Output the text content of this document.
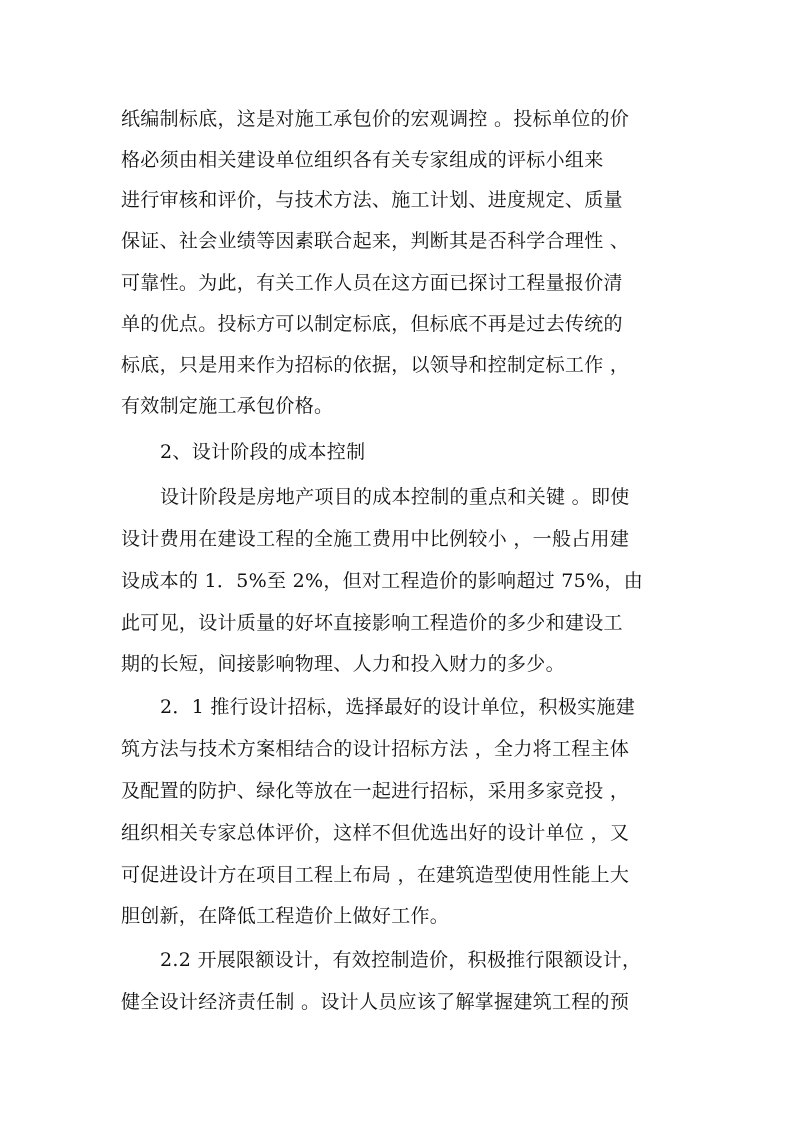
纸编制标底，这是对施工承包价的宏观调控 。投标单位的价
格必须由相关建设单位组织各有关专家组成的评标小组来
进行审核和评价，与技术方法、施工计划、进度规定、质量
保证、社会业绩等因素联合起来，判断其是否科学合理性 、
可靠性。为此，有关工作人员在这方面已探讨工程量报价清
单的优点。投标方可以制定标底，但标底不再是过去传统的
标底，只是用来作为招标的依据，以领导和控制定标工作 ，
有效制定施工承包价格。
2、设计阶段的成本控制
设计阶段是房地产项目的成本控制的重点和关键 。即使
设计费用在建设工程的全施工费用中比例较小 ，一般占用建
设成本的 1．5%至 2%，但对工程造价的影响超过 75%，由
此可见，设计质量的好坏直接影响工程造价的多少和建设工
期的长短，间接影响物理、人力和投入财力的多少。
2．1 推行设计招标，选择最好的设计单位，积极实施建
筑方法与技术方案相结合的设计招标方法 ，全力将工程主体
及配置的防护、绿化等放在一起进行招标，采用多家竞投 ，
组织相关专家总体评价，这样不但优选出好的设计单位 ，又
可促进设计方在项目工程上布局 ，在建筑造型使用性能上大
胆创新，在降低工程造价上做好工作。
2.2 开展限额设计，有效控制造价，积极推行限额设计，
健全设计经济责任制 。设计人员应该了解掌握建筑工程的预
